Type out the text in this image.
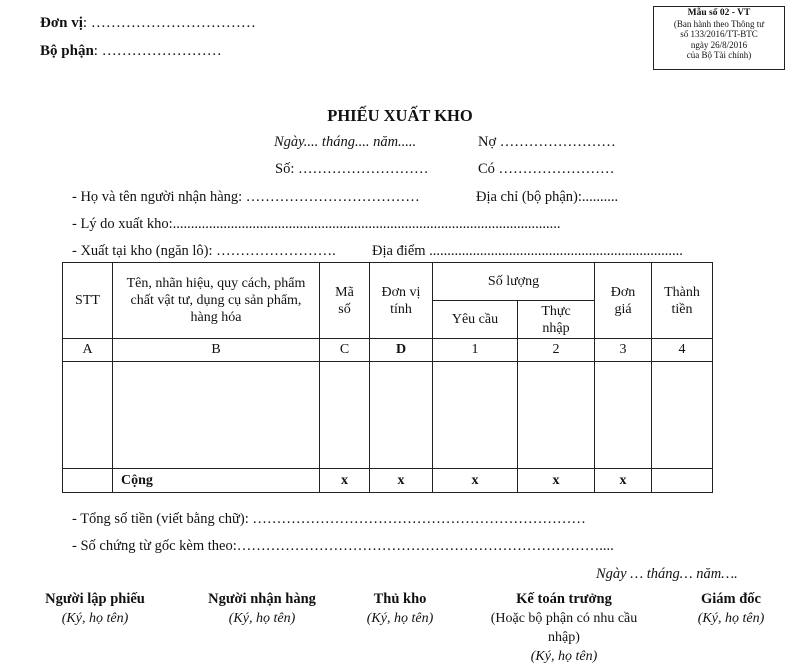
Đơn vị: ……………………………
Bộ phận: ……………………
Mẫu số 02 - VT
(Ban hành theo Thông tư
số 133/2016/TT-BTC
ngày 26/8/2016
của Bộ Tài chính)
PHIẾU XUẤT KHO
Ngày.... tháng.... năm.....	Nợ ……………………
Số: ………………………	Có ……………………
- Họ và tên người nhận hàng: ………………………………	Địa chỉ (bộ phận):..........
- Lý do xuất kho:...........................................................................................................
- Xuất tại kho (ngăn lô): ……………………. Địa điểm ......................................................................
STT	Tên, nhãn hiệu, quy cách, phẩm chất vật tư, dụng cụ sản phẩm, hàng hóa	Mã số	Đơn vị tính	Số lượng		Đơn giá	Thành tiền
				Yêu cầu	Thực nhập		
A	B	C	D	1	2	3	4

	Cộng	x	x	x	x	x	
- Tổng số tiền (viết bằng chữ): ……………………………………………………………
- Số chứng từ gốc kèm theo:…………………………………………………………………....
Ngày … tháng… năm….
Người lập phiếu
(Ký, họ tên)
Người nhận hàng
(Ký, họ tên)
Thủ kho
(Ký, họ tên)
Kế toán trưởng
(Hoặc bộ phận có nhu cầu nhập)
(Ký, họ tên)
Giám đốc
(Ký, họ tên)
